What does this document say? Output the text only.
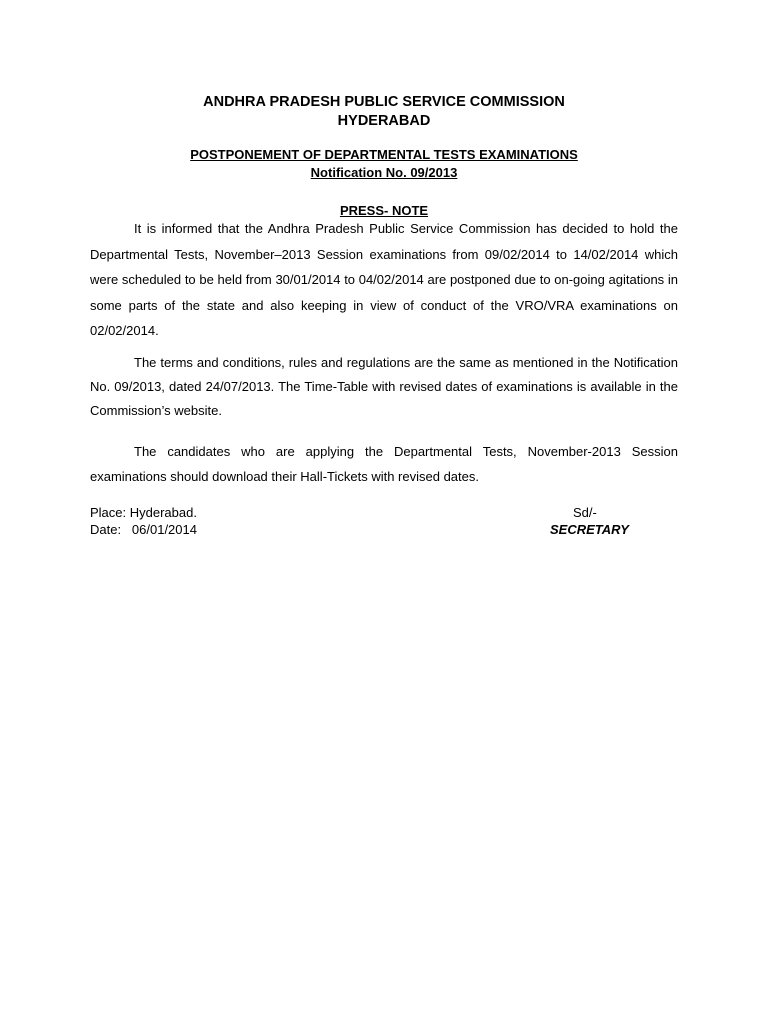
ANDHRA PRADESH PUBLIC SERVICE COMMISSION
HYDERABAD
POSTPONEMENT OF DEPARTMENTAL TESTS EXAMINATIONS
Notification No. 09/2013
PRESS- NOTE

It is informed that the Andhra Pradesh Public Service Commission has decided to hold the Departmental Tests, November–2013 Session examinations from 09/02/2014 to 14/02/2014 which were scheduled to be held from 30/01/2014 to 04/02/2014 are postponed due to on-going agitations in some parts of the state and also keeping in view of conduct of the VRO/VRA examinations on 02/02/2014.

The terms and conditions, rules and regulations are the same as mentioned in the Notification No. 09/2013, dated 24/07/2013. The Time-Table with revised dates of examinations is available in the Commission’s website.

The candidates who are applying the Departmental Tests, November-2013 Session examinations should download their Hall-Tickets with revised dates.

Place: Hyderabad.
Date:   06/01/2014
Sd/-
SECRETARY
